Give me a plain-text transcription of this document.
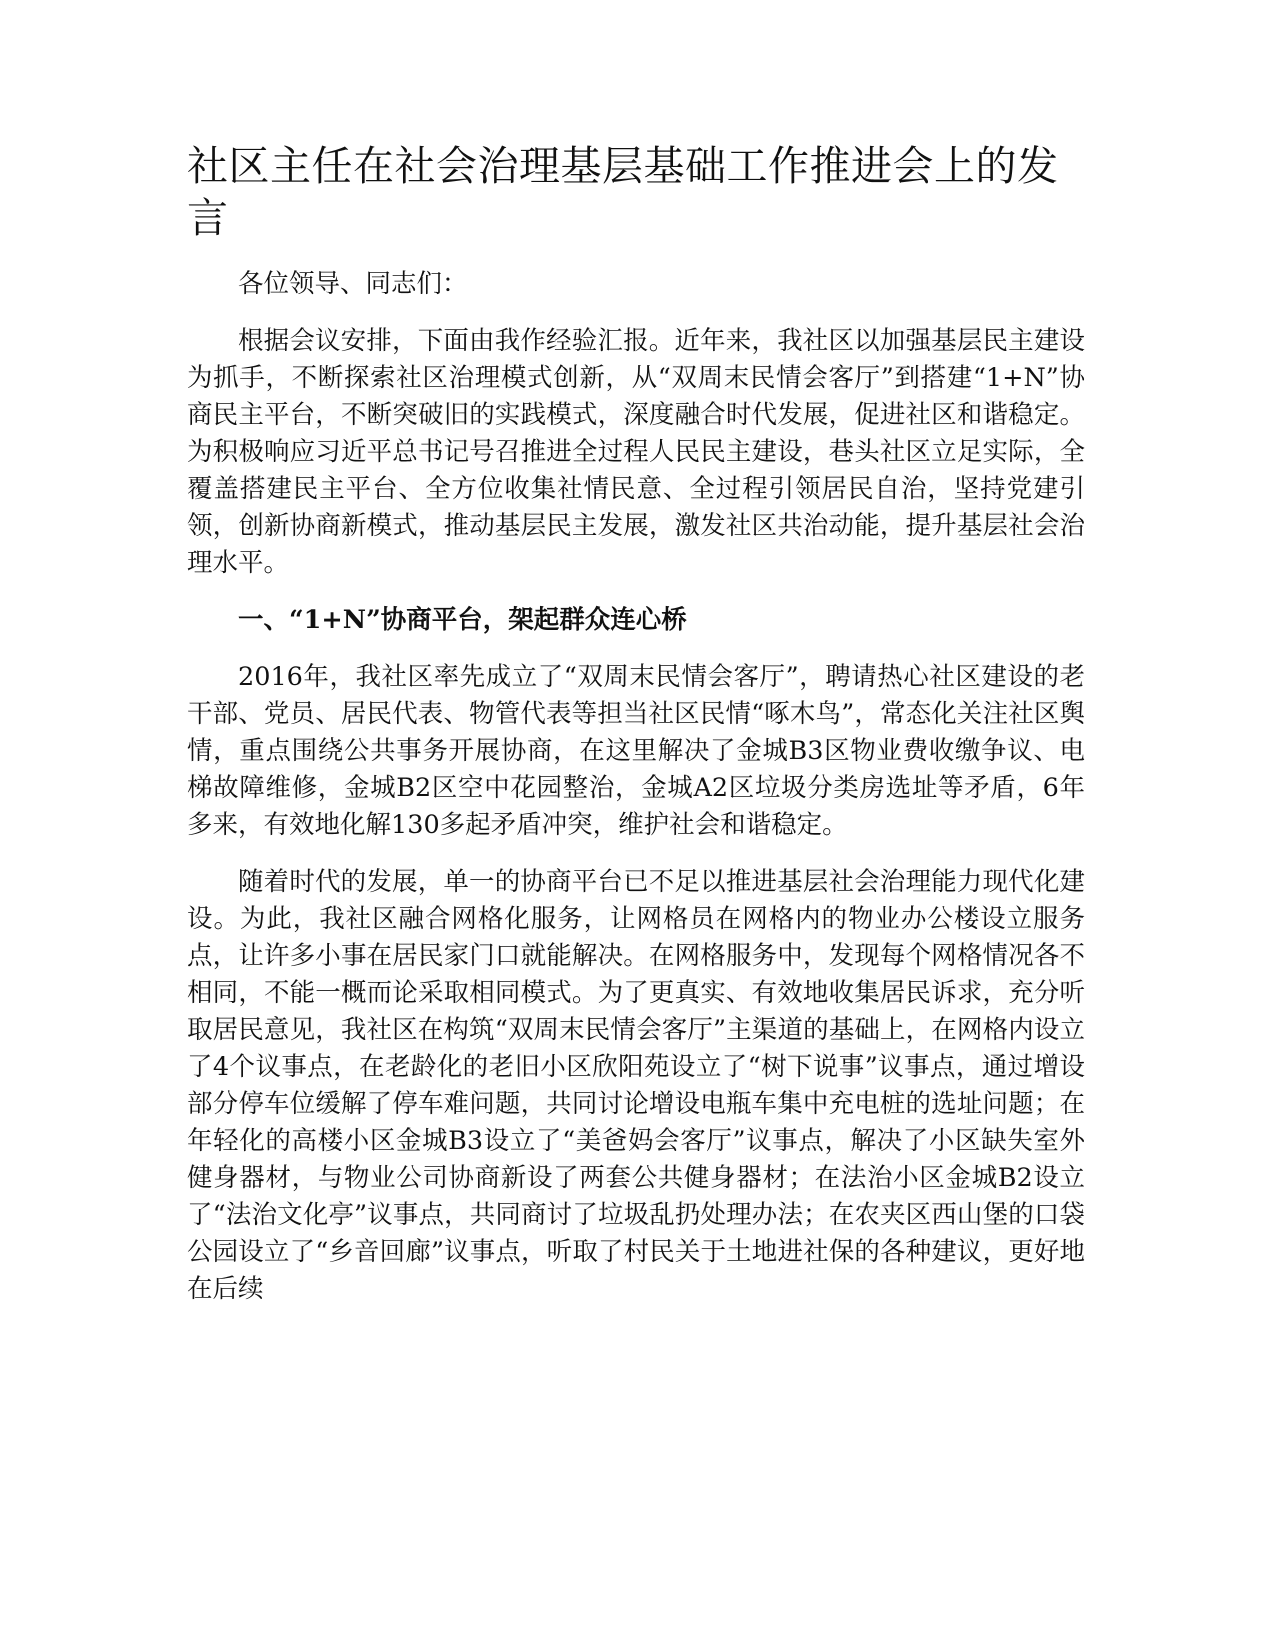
社区主任在社会治理基层基础工作推进会上的发言

各位领导、同志们：

根据会议安排，下面由我作经验汇报。近年来，我社区以加强基层民主建设为抓手，不断探索社区治理模式创新，从“双周末民情会客厅”到搭建“1+N”协商民主平台，不断突破旧的实践模式，深度融合时代发展，促进社区和谐稳定。为积极响应习近平总书记号召推进全过程人民民主建设，巷头社区立足实际，全覆盖搭建民主平台、全方位收集社情民意、全过程引领居民自治，坚持党建引领，创新协商新模式，推动基层民主发展，激发社区共治动能，提升基层社会治理水平。

一、“1+N”协商平台，架起群众连心桥

2016年，我社区率先成立了“双周末民情会客厅”，聘请热心社区建设的老干部、党员、居民代表、物管代表等担当社区民情“啄木鸟”，常态化关注社区舆情，重点围绕公共事务开展协商，在这里解决了金城B3区物业费收缴争议、电梯故障维修，金城B2区空中花园整治，金城A2区垃圾分类房选址等矛盾，6年多来，有效地化解130多起矛盾冲突，维护社会和谐稳定。

随着时代的发展，单一的协商平台已不足以推进基层社会治理能力现代化建设。为此，我社区融合网格化服务，让网格员在网格内的物业办公楼设立服务点，让许多小事在居民家门口就能解决。在网格服务中，发现每个网格情况各不相同，不能一概而论采取相同模式。为了更真实、有效地收集居民诉求，充分听取居民意见，我社区在构筑“双周末民情会客厅”主渠道的基础上，在网格内设立了4个议事点，在老龄化的老旧小区欣阳苑设立了“树下说事”议事点，通过增设部分停车位缓解了停车难问题，共同讨论增设电瓶车集中充电桩的选址问题；在年轻化的高楼小区金城B3设立了“美爸妈会客厅”议事点，解决了小区缺失室外健身器材，与物业公司协商新设了两套公共健身器材；在法治小区金城B2设立了“法治文化亭”议事点，共同商讨了垃圾乱扔处理办法；在农夹区西山堡的口袋公园设立了“乡音回廊”议事点，听取了村民关于土地进社保的各种建议，更好地在后续
